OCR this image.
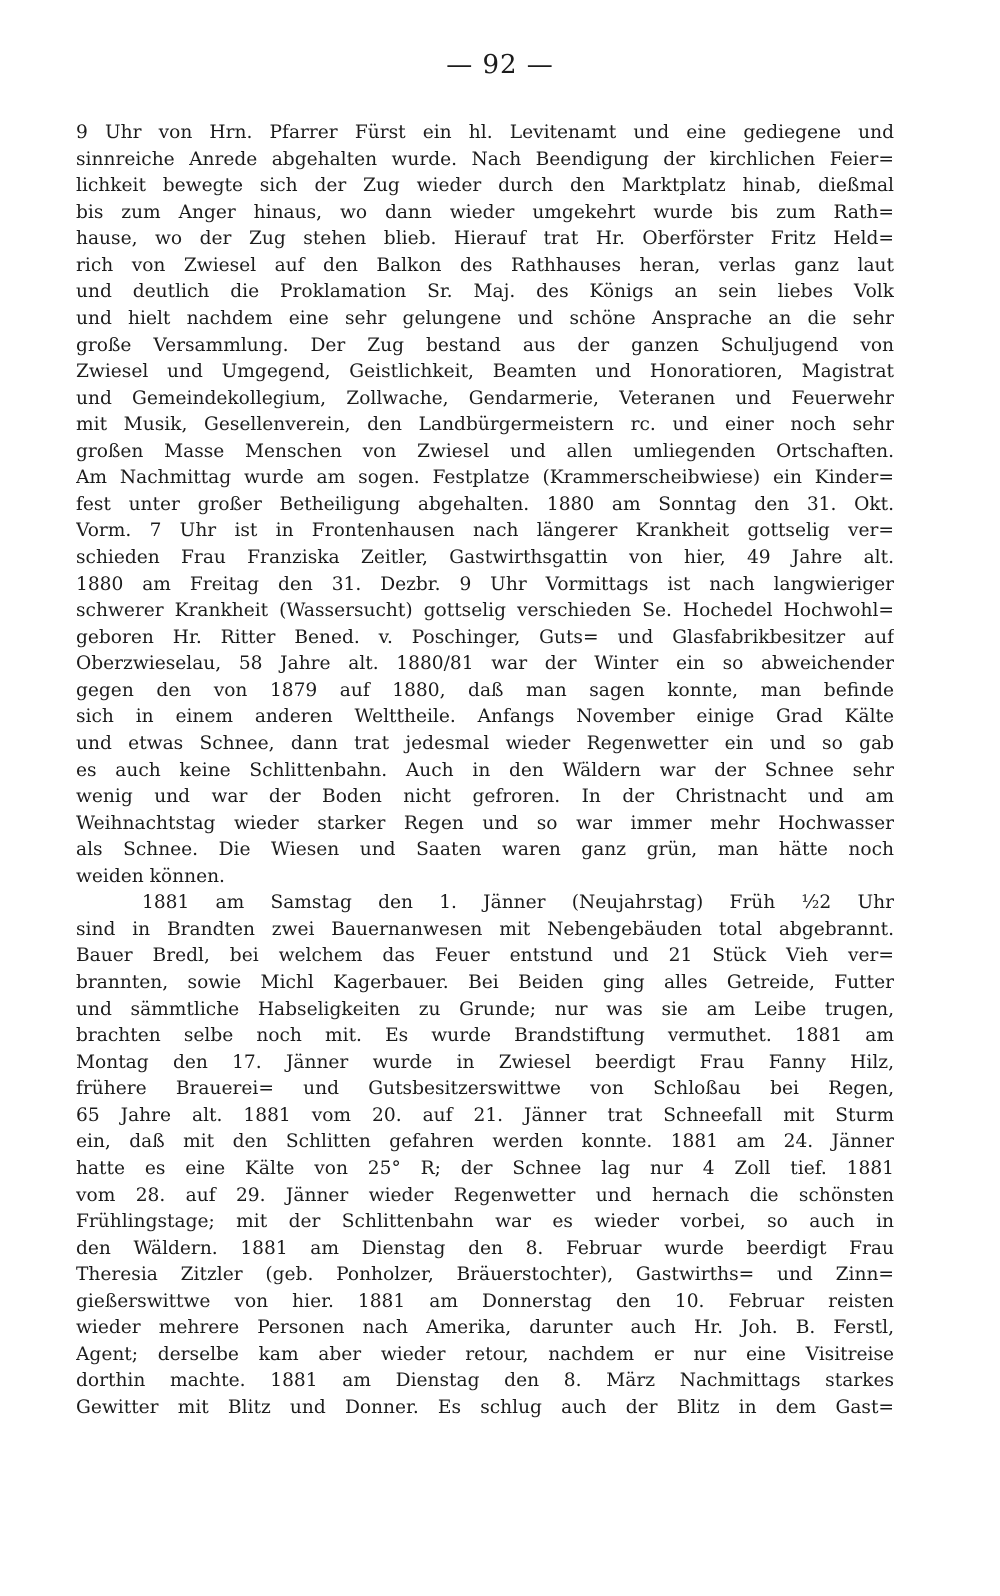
— 92 —
9 Uhr von Hrn. Pfarrer Fürst ein hl. Levitenamt und eine gediegene und
sinnreiche Anrede abgehalten wurde. Nach Beendigung der kirchlichen Feier=
lichkeit bewegte sich der Zug wieder durch den Marktplatz hinab, dießmal
bis zum Anger hinaus, wo dann wieder umgekehrt wurde bis zum Rath=
hause, wo der Zug stehen blieb. Hierauf trat Hr. Oberförster Fritz Held=
rich von Zwiesel auf den Balkon des Rathhauses heran, verlas ganz laut
und deutlich die Proklamation Sr. Maj. des Königs an sein liebes Volk
und hielt nachdem eine sehr gelungene und schöne Ansprache an die sehr
große Versammlung. Der Zug bestand aus der ganzen Schuljugend von
Zwiesel und Umgegend, Geistlichkeit, Beamten und Honoratioren, Magistrat
und Gemeindekollegium, Zollwache, Gendarmerie, Veteranen und Feuerwehr
mit Musik, Gesellenverein, den Landbürgermeistern rc. und einer noch sehr
großen Masse Menschen von Zwiesel und allen umliegenden Ortschaften.
Am Nachmittag wurde am sogen. Festplatze (Krammerscheibwiese) ein Kinder=
fest unter großer Betheiligung abgehalten. 1880 am Sonntag den 31. Okt.
Vorm. 7 Uhr ist in Frontenhausen nach längerer Krankheit gottselig ver=
schieden Frau Franziska Zeitler, Gastwirthsgattin von hier, 49 Jahre alt.
1880 am Freitag den 31. Dezbr. 9 Uhr Vormittags ist nach langwieriger
schwerer Krankheit (Wassersucht) gottselig verschieden Se. Hochedel Hochwohl=
geboren Hr. Ritter Bened. v. Poschinger, Guts= und Glasfabrikbesitzer auf
Oberzwieselau, 58 Jahre alt. 1880/81 war der Winter ein so abweichender
gegen den von 1879 auf 1880, daß man sagen konnte, man befinde
sich in einem anderen Welttheile. Anfangs November einige Grad Kälte
und etwas Schnee, dann trat jedesmal wieder Regenwetter ein und so gab
es auch keine Schlittenbahn. Auch in den Wäldern war der Schnee sehr
wenig und war der Boden nicht gefroren. In der Christnacht und am
Weihnachtstag wieder starker Regen und so war immer mehr Hochwasser
als Schnee. Die Wiesen und Saaten waren ganz grün, man hätte noch
weiden können.
1881 am Samstag den 1. Jänner (Neujahrstag) Früh ½2 Uhr
sind in Brandten zwei Bauernanwesen mit Nebengebäuden total abgebrannt.
Bauer Bredl, bei welchem das Feuer entstund und 21 Stück Vieh ver=
brannten, sowie Michl Kagerbauer. Bei Beiden ging alles Getreide, Futter
und sämmtliche Habseligkeiten zu Grunde; nur was sie am Leibe trugen,
brachten selbe noch mit. Es wurde Brandstiftung vermuthet. 1881 am
Montag den 17. Jänner wurde in Zwiesel beerdigt Frau Fanny Hilz,
frühere Brauerei= und Gutsbesitzerswittwe von Schloßau bei Regen,
65 Jahre alt. 1881 vom 20. auf 21. Jänner trat Schneefall mit Sturm
ein, daß mit den Schlitten gefahren werden konnte. 1881 am 24. Jänner
hatte es eine Kälte von 25° R; der Schnee lag nur 4 Zoll tief. 1881
vom 28. auf 29. Jänner wieder Regenwetter und hernach die schönsten
Frühlingstage; mit der Schlittenbahn war es wieder vorbei, so auch in
den Wäldern. 1881 am Dienstag den 8. Februar wurde beerdigt Frau
Theresia Zitzler (geb. Ponholzer, Bräuerstochter), Gastwirths= und Zinn=
gießerswittwe von hier. 1881 am Donnerstag den 10. Februar reisten
wieder mehrere Personen nach Amerika, darunter auch Hr. Joh. B. Ferstl,
Agent; derselbe kam aber wieder retour, nachdem er nur eine Visitreise
dorthin machte. 1881 am Dienstag den 8. März Nachmittags starkes
Gewitter mit Blitz und Donner. Es schlug auch der Blitz in dem Gast=
